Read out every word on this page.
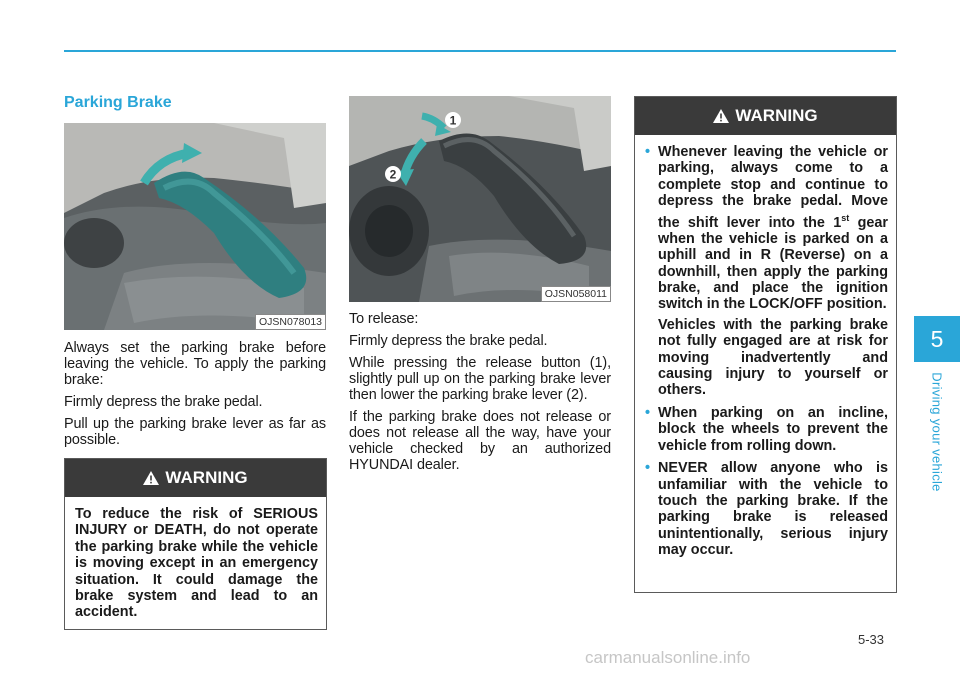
Parking Brake
OJSN078013

Always set the parking brake before leaving the vehicle. To apply the parking brake:

Firmly depress the brake pedal.

Pull up the parking brake lever as far as possible.

WARNING

To reduce the risk of SERIOUS INJURY or DEATH, do not operate the parking brake while the vehicle is moving except in an emergency situation. It could damage the brake system and lead to an accident.

1
2
OJSN058011

To release:

Firmly depress the brake pedal.

While pressing the release button (1), slightly pull up on the parking brake lever then lower the parking brake lever (2).

If the parking brake does not release or does not release all the way, have your vehicle checked by an authorized HYUNDAI dealer.

WARNING
• Whenever leaving the vehicle or parking, always come to a complete stop and continue to depress the brake pedal. Move the shift lever into the 1st gear when the vehicle is parked on a uphill and in R (Reverse) on a downhill, then apply the parking brake, and place the ignition switch in the LOCK/OFF position.
Vehicles with the parking brake not fully engaged are at risk for moving inadvertently and causing injury to yourself or others.
• When parking on an incline, block the wheels to prevent the vehicle from rolling down.
• NEVER allow anyone who is unfamiliar with the vehicle to touch the parking brake. If the parking brake is released unintentionally, serious injury may occur.
5
Driving your vehicle
5-33
carmanualsonline.info
